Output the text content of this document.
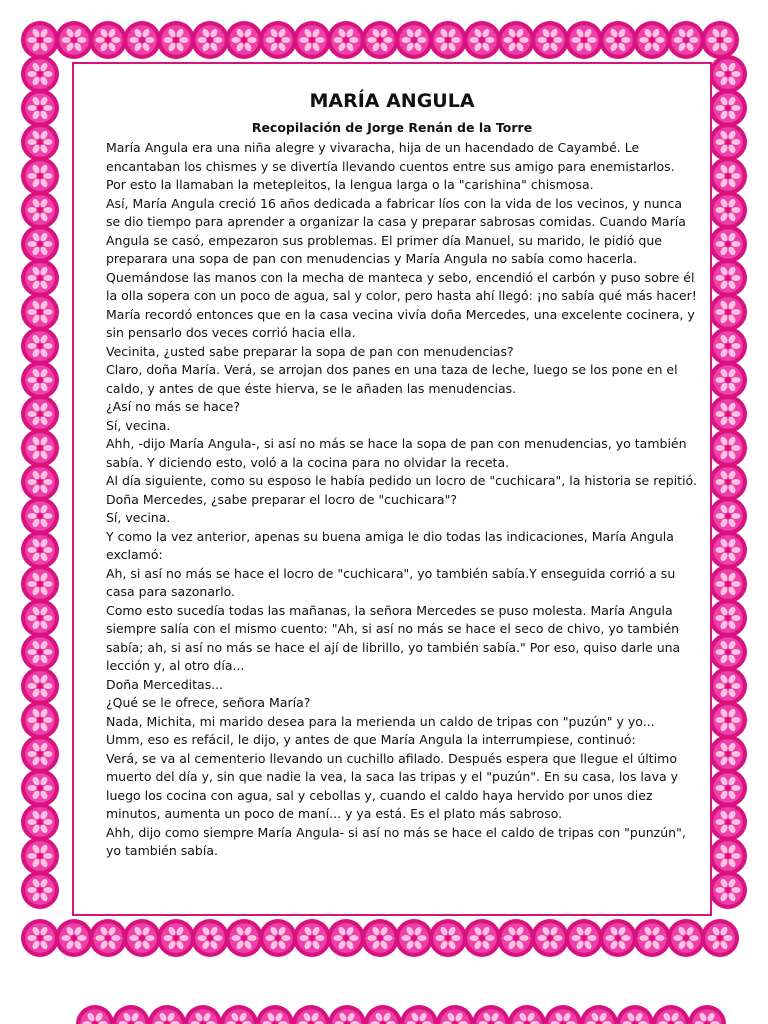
MARÍA ANGULA
Recopilación de Jorge Renán de la Torre

María Angula era una niña alegre y vivaracha, hija de un hacendado de Cayambé. Le encantaban los chismes y se divertía llevando cuentos entre sus amigo para enemistarlos. Por esto la llamaban la metepleitos, la lengua larga o la "carishina" chismosa.

Así, María Angula creció 16 años dedicada a fabricar líos con la vida de los vecinos, y nunca se dio tiempo para aprender a organizar la casa y preparar sabrosas comidas. Cuando María Angula se casó, empezaron sus problemas. El primer día Manuel, su marido, le pidió que preparara una sopa de pan con menudencias y María Angula no sabía como hacerla. Quemándose las manos con la mecha de manteca y sebo, encendió el carbón y puso sobre él la olla sopera con un poco de agua, sal y color, pero hasta ahí llegó: ¡no sabía qué más hacer!

María recordó entonces que en la casa vecina vivía doña Mercedes, una excelente cocinera, y sin pensarlo dos veces corrió hacia ella.

Vecinita, ¿usted sabe preparar la sopa de pan con menudencias?

Claro, doña María. Verá, se arrojan dos panes en una taza de leche, luego se los pone en el caldo, y antes de que éste hierva, se le añaden las menudencias.

¿Así no más se hace?

Sí, vecina.

Ahh, -dijo María Angula-, si así no más se hace la sopa de pan con menudencias, yo también sabía. Y diciendo esto, voló a la cocina para no olvidar la receta.

Al día siguiente, como su esposo le había pedido un locro de "cuchicara", la historia se repitió.

Doña Mercedes, ¿sabe preparar el locro de "cuchicara"?

Sí, vecina.

Y como la vez anterior, apenas su buena amiga le dio todas las indicaciones, María Angula exclamó:

Ah, si así no más se hace el locro de "cuchicara", yo también sabía.Y enseguida corrió a su casa para sazonarlo.

Como esto sucedía todas las mañanas, la señora Mercedes se puso molesta. María Angula siempre salía con el mismo cuento: "Ah, si así no más se hace el seco de chivo, yo también sabía; ah, si así no más se hace el ají de librillo, yo también sabía." Por eso, quiso darle una lección y, al otro día...

Doña Merceditas...

¿Qué se le ofrece, señora María?

Nada, Michita, mi marido desea para la merienda un caldo de tripas con "puzún" y yo...

Umm, eso es refácil, le dijo, y antes de que María Angula la interrumpiese, continuó:

Verá, se va al cementerio llevando un cuchillo afilado. Después espera que llegue el último muerto del día y, sin que nadie la vea, la saca las tripas y el "puzún". En su casa, los lava y luego los cocina con agua, sal y cebollas y, cuando el caldo haya hervido por unos diez minutos, aumenta un poco de maní... y ya está. Es el plato más sabroso.

Ahh, dijo como siempre María Angula- si así no más se hace el caldo de tripas con "punzún", yo también sabía.
